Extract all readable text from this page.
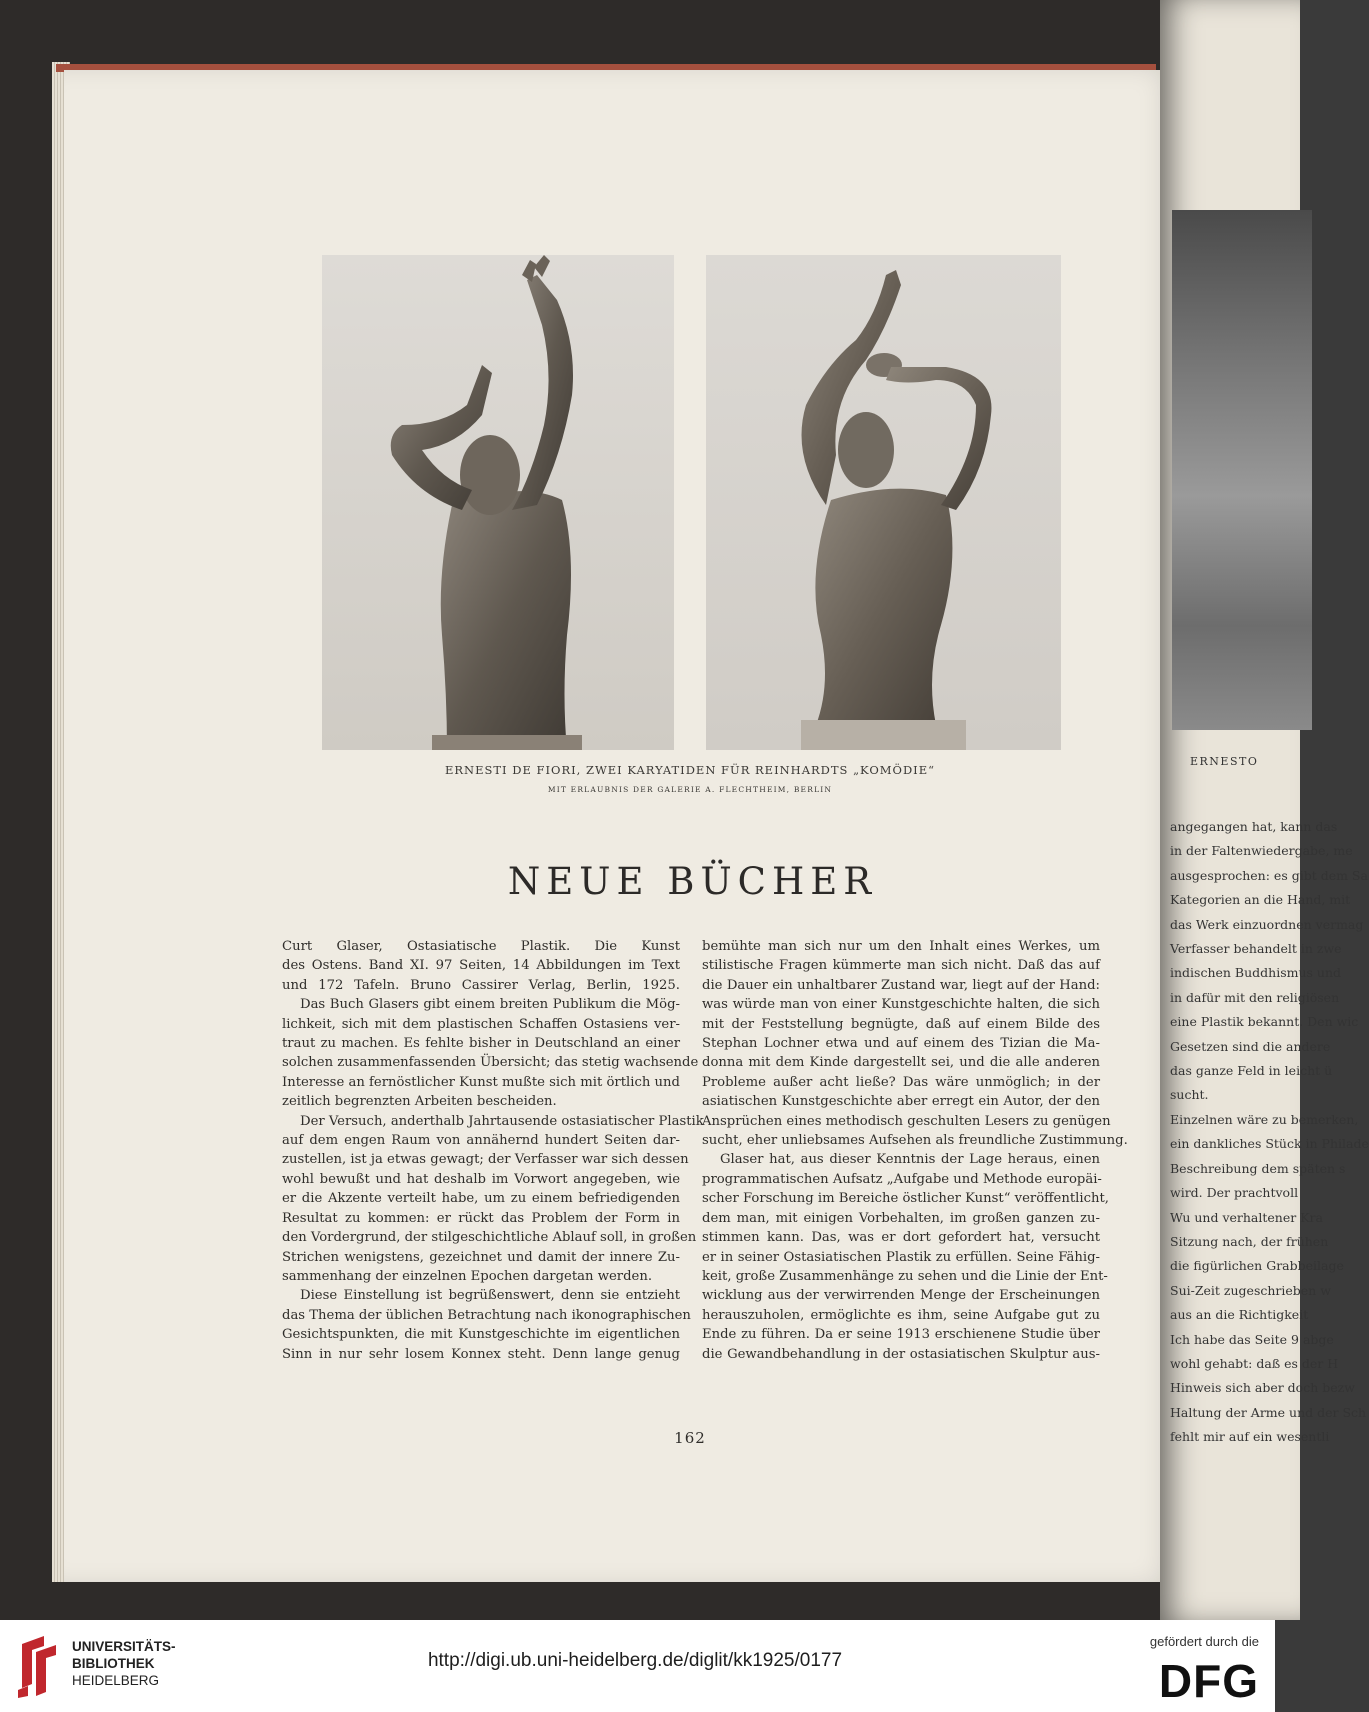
ERNESTI DE FIORI, ZWEI KARYATIDEN FÜR REINHARDTS „KOMÖDIE“
MIT ERLAUBNIS DER GALERIE A. FLECHTHEIM, BERLIN
NEUE BÜCHER
Curt Glaser, Ostasiatische Plastik. Die Kunst
des Ostens. Band XI. 97 Seiten, 14 Abbildungen im Text
und 172 Tafeln. Bruno Cassirer Verlag, Berlin, 1925.
Das Buch Glasers gibt einem breiten Publikum die Mög-
lichkeit, sich mit dem plastischen Schaffen Ostasiens ver-
traut zu machen. Es fehlte bisher in Deutschland an einer
solchen zusammenfassenden Übersicht; das stetig wachsende
Interesse an fernöstlicher Kunst mußte sich mit örtlich und
zeitlich begrenzten Arbeiten bescheiden.
Der Versuch, anderthalb Jahrtausende ostasiatischer Plastik
auf dem engen Raum von annähernd hundert Seiten dar-
zustellen, ist ja etwas gewagt; der Verfasser war sich dessen
wohl bewußt und hat deshalb im Vorwort angegeben, wie
er die Akzente verteilt habe, um zu einem befriedigenden
Resultat zu kommen: er rückt das Problem der Form in
den Vordergrund, der stilgeschichtliche Ablauf soll, in großen
Strichen wenigstens, gezeichnet und damit der innere Zu-
sammenhang der einzelnen Epochen dargetan werden.
Diese Einstellung ist begrüßenswert, denn sie entzieht
das Thema der üblichen Betrachtung nach ikonographischen
Gesichtspunkten, die mit Kunstgeschichte im eigentlichen
Sinn in nur sehr losem Konnex steht. Denn lange genug
bemühte man sich nur um den Inhalt eines Werkes, um
stilistische Fragen kümmerte man sich nicht. Daß das auf
die Dauer ein unhaltbarer Zustand war, liegt auf der Hand:
was würde man von einer Kunstgeschichte halten, die sich
mit der Feststellung begnügte, daß auf einem Bilde des
Stephan Lochner etwa und auf einem des Tizian die Ma-
donna mit dem Kinde dargestellt sei, und die alle anderen
Probleme außer acht ließe? Das wäre unmöglich; in der
asiatischen Kunstgeschichte aber erregt ein Autor, der den
Ansprüchen eines methodisch geschulten Lesers zu genügen
sucht, eher unliebsames Aufsehen als freundliche Zustimmung.
Glaser hat, aus dieser Kenntnis der Lage heraus, einen
programmatischen Aufsatz „Aufgabe und Methode europäi-
scher Forschung im Bereiche östlicher Kunst“ veröffentlicht,
dem man, mit einigen Vorbehalten, im großen ganzen zu-
stimmen kann. Das, was er dort gefordert hat, versucht
er in seiner Ostasiatischen Plastik zu erfüllen. Seine Fähig-
keit, große Zusammenhänge zu sehen und die Linie der Ent-
wicklung aus der verwirrenden Menge der Erscheinungen
herauszuholen, ermöglichte es ihm, seine Aufgabe gut zu
Ende zu führen. Da er seine 1913 erschienene Studie über
die Gewandbehandlung in der ostasiatischen Skulptur aus-
162
ERNESTO
angegangen hat, kann das
in der Faltenwiedergabe, me
ausgesprochen: es gibt dem Sa
Kategorien an die Hand, mit
das Werk einzuordnen vermag
Verfasser behandelt in zwe
indischen Buddhismus und
in dafür mit den religiösen
eine Plastik bekannt. Den wic
Gesetzen sind die andere
das ganze Feld in leicht ü
sucht.
Einzelnen wäre zu bemerken,
ein dankliches Stück in Philade
Beschreibung dem späten s
wird. Der prachtvoll
Wu und verhaltener Kra
Sitzung nach, der frühen
die figürlichen Grabbeilage
Sui-Zeit zugeschrieben w
aus an die Richtigkeit
Ich habe das Seite 9 abge
wohl gehabt: daß es der H
Hinweis sich aber doch bezw
Haltung der Arme und der Sch
fehlt mir auf ein wesentli
UNIVERSITÄTS-
BIBLIOTHEK
HEIDELBERG
http://digi.ub.uni-heidelberg.de/diglit/kk1925/0177
gefördert durch die
DFG
